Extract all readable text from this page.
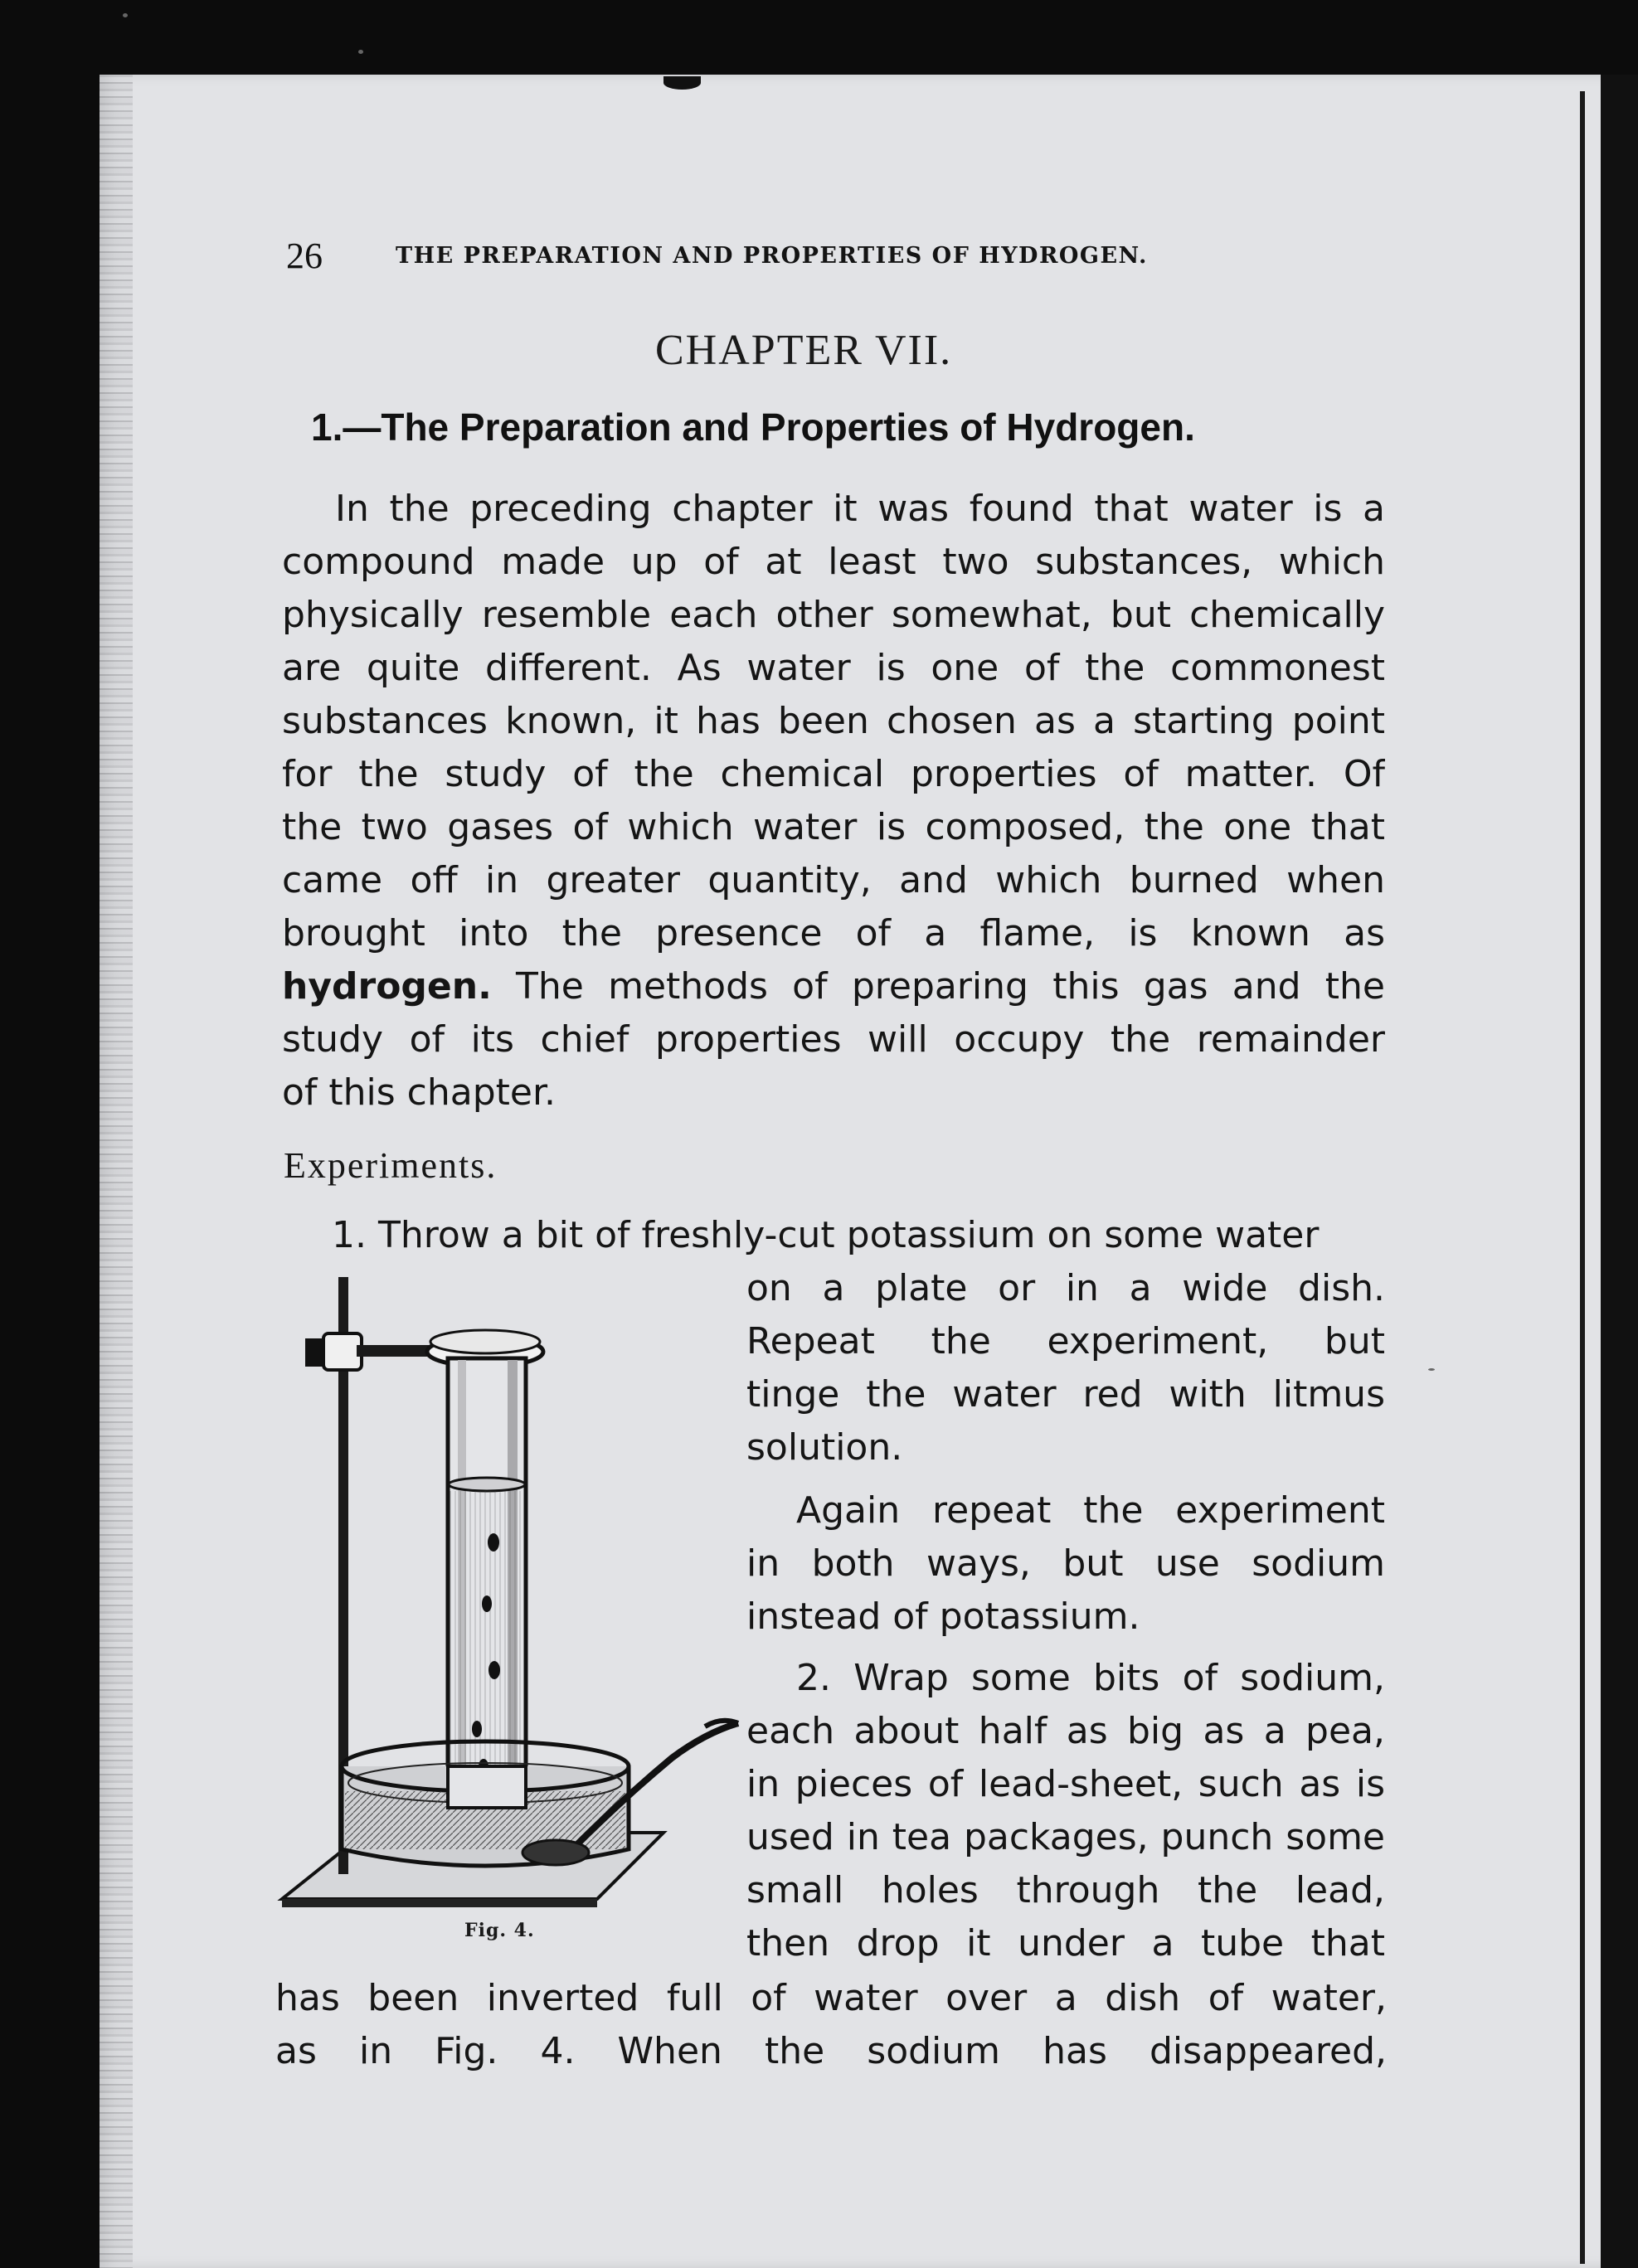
26	THE PREPARATION AND PROPERTIES OF HYDROGEN.
CHAPTER VII.
1.—The Preparation and Properties of Hydrogen.
In the preceding chapter it was found that water is a
compound made up of at least two substances, which
physically resemble each other somewhat, but chemically
are quite different. As water is one of the commonest
substances known, it has been chosen as a starting point
for the study of the chemical properties of matter. Of
the two gases of which water is composed, the one that
came off in greater quantity, and which burned when
brought into the presence of a flame, is known as
hydrogen. The methods of preparing this gas and the
study of its chief properties will occupy the remainder
of this chapter.
Experiments.
1. Throw a bit of freshly-cut potassium on some water
on a plate or in a wide dish.
Repeat the experiment, but
tinge the water red with litmus
solution.
Again repeat the experiment
in both ways, but use sodium
instead of potassium.
2. Wrap some bits of sodium,
each about half as big as a pea,
in pieces of lead-sheet, such as is
used in tea packages, punch some
small holes through the lead,
then drop it under a tube that
has been inverted full of water over a dish of water,
as in Fig. 4. When the sodium has disappeared,
Fig. 4.
